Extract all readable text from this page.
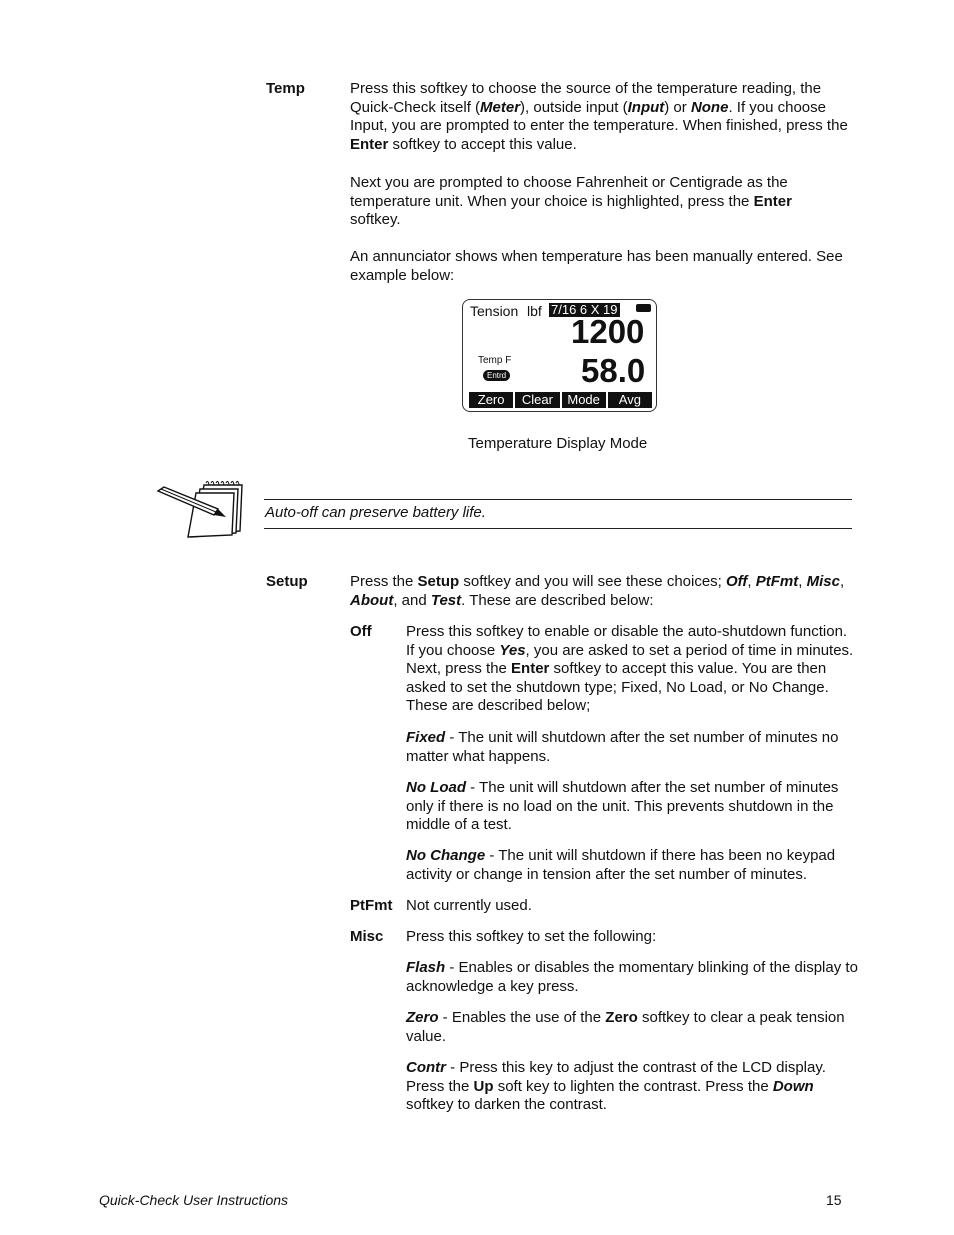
Temp	Press this softkey to choose the source of the temperature reading, the Quick-Check itself (Meter), outside input (Input) or None. If you choose Input, you are prompted to enter the temperature. When finished, press the Enter softkey to accept this value.

Next you are prompted to choose Fahrenheit or Centigrade as the temperature unit. When your choice is highlighted, press the Enter softkey.

An annunciator shows when temperature has been manually entered. See example below:

Tension lbf 7/16 6 X 19
1200
Temp F
Entrd 58.0
Zero	Clear	Mode	Avg
Temperature Display Mode
Auto-off can preserve battery life.
Setup	Press the Setup softkey and you will see these choices; Off, PtFmt, Misc, About, and Test. These are described below:

Off Press this softkey to enable or disable the auto-shutdown function. If you choose Yes, you are asked to set a period of time in minutes. Next, press the Enter softkey to accept this value. You are then asked to set the shutdown type; Fixed, No Load, or No Change. These are described below;

Fixed - The unit will shutdown after the set number of minutes no matter what happens.

No Load - The unit will shutdown after the set number of minutes only if there is no load on the unit. This prevents shutdown in the middle of a test.

No Change - The unit will shutdown if there has been no keypad activity or change in tension after the set number of minutes.

PtFmt Not currently used.

Misc Press this softkey to set the following:

Flash - Enables or disables the momentary blinking of the display to acknowledge a key press.

Zero - Enables the use of the Zero softkey to clear a peak tension value.

Contr - Press this key to adjust the contrast of the LCD display. Press the Up soft key to lighten the contrast. Press the Down softkey to darken the contrast.

Quick-Check User Instructions	15
